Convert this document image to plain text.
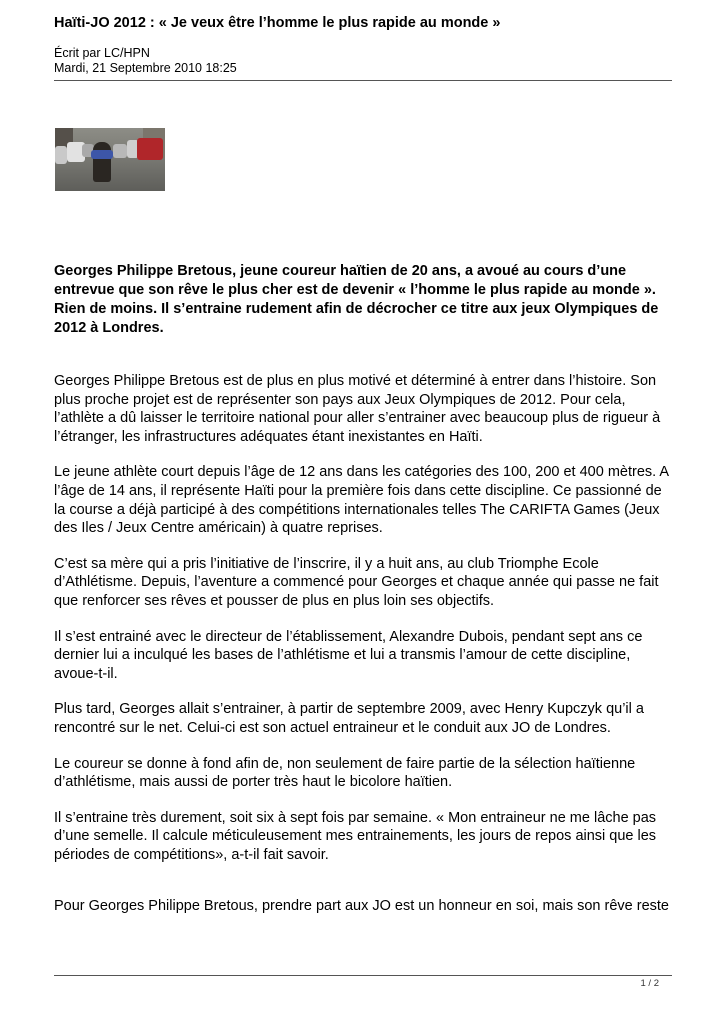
Haïti-JO 2012 : « Je veux être l’homme le plus rapide au monde »
Écrit par LC/HPN
Mardi, 21 Septembre 2010 18:25
Georges Philippe Bretous, jeune coureur haïtien de 20 ans, a avoué au cours d’une entrevue que son rêve le plus cher est de devenir « l’homme le plus rapide au monde ». Rien de moins. Il s’entraine rudement afin de décrocher ce titre aux jeux Olympiques de 2012 à Londres.

Georges Philippe Bretous est de plus en plus motivé et déterminé à entrer dans l’histoire. Son plus proche projet est de représenter son pays aux Jeux Olympiques de 2012. Pour cela, l’athlète a dû laisser le territoire national pour aller s’entrainer avec beaucoup plus de rigueur à l’étranger, les infrastructures adéquates étant inexistantes en Haïti.

Le jeune athlète court depuis l’âge de 12 ans dans les catégories des 100, 200 et 400 mètres. A l’âge de 14 ans, il représente Haïti pour la première fois dans cette discipline. Ce passionné de la course a déjà participé à des compétitions internationales telles The CARIFTA Games (Jeux des Iles / Jeux Centre américain) à quatre reprises.

C’est sa mère qui a pris l’initiative de l’inscrire, il y a huit ans, au club Triomphe Ecole d’Athlétisme. Depuis, l’aventure a commencé pour Georges et chaque année qui passe ne fait que renforcer ses rêves et pousser de plus en plus loin ses objectifs.

Il s’est entrainé avec le directeur de l’établissement, Alexandre Dubois, pendant sept ans ce dernier lui a inculqué les bases de l’athlétisme et lui a transmis l’amour de cette discipline, avoue-t-il.

Plus tard, Georges allait s’entrainer, à partir de septembre 2009, avec Henry Kupczyk qu’il a rencontré sur le net. Celui-ci est son actuel entraineur et le conduit aux JO de Londres.

Le coureur se donne à fond afin de, non seulement de faire partie de la sélection haïtienne d’athlétisme, mais aussi de porter très haut le bicolore haïtien.

Il s’entraine très durement, soit six à sept fois par semaine. « Mon entraineur ne me lâche pas d’une semelle. Il calcule méticuleusement mes entrainements, les jours de repos ainsi que les périodes de compétitions», a-t-il fait savoir.

Pour Georges Philippe Bretous, prendre part aux JO est un honneur en soi, mais son rêve reste

1 / 2
